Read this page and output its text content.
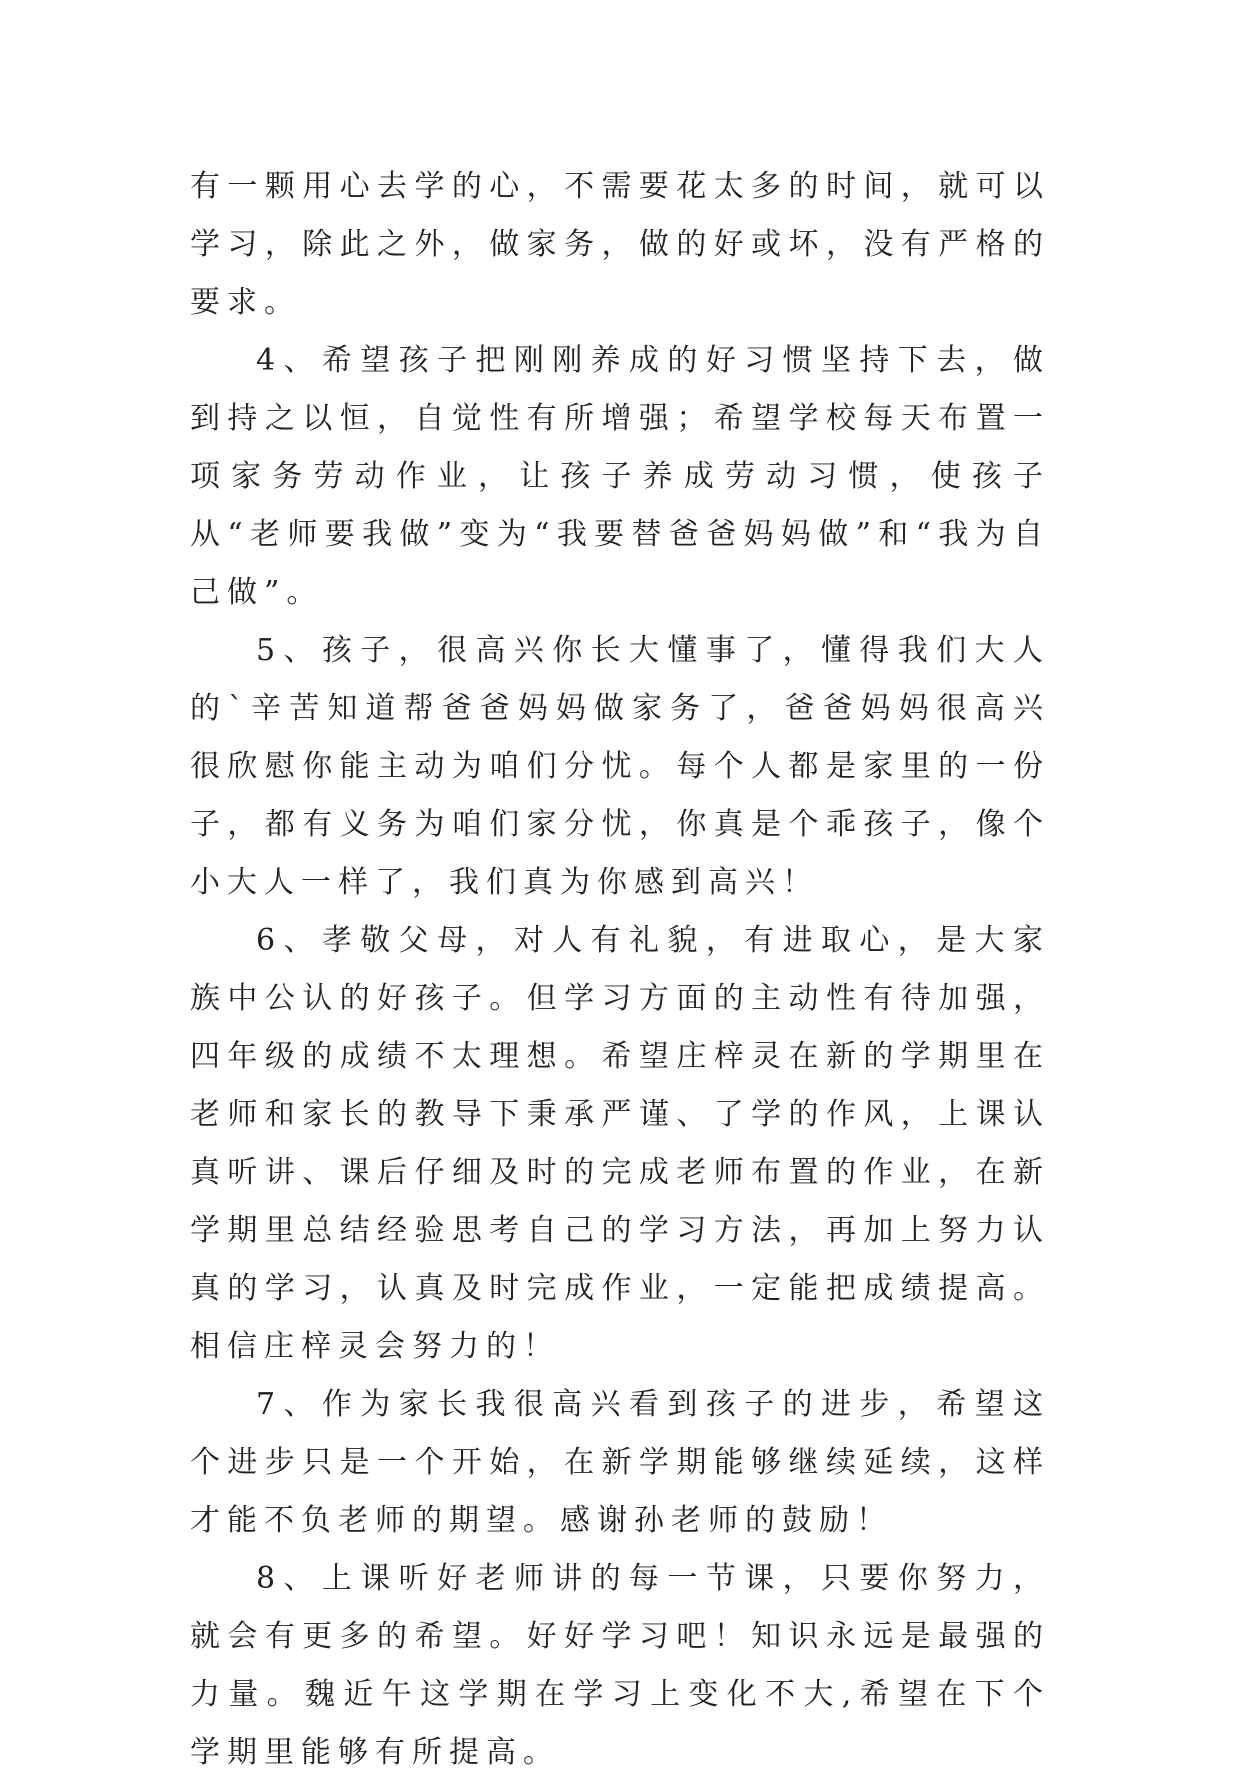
有一颗用心去学的心，不需要花太多的时间，就可以学习，除此之外，做家务，做的好或坏，没有严格的要求。

4、希望孩子把刚刚养成的好习惯坚持下去，做到持之以恒，自觉性有所增强；希望学校每天布置一项家务劳动作业，让孩子养成劳动习惯，使孩子从“老师要我做”变为“我要替爸爸妈妈做”和“我为自己做”。

5、孩子，很高兴你长大懂事了，懂得我们大人的`辛苦知道帮爸爸妈妈做家务了，爸爸妈妈很高兴很欣慰你能主动为咱们分忧。每个人都是家里的一份子，都有义务为咱们家分忧，你真是个乖孩子，像个小大人一样了，我们真为你感到高兴！

6、孝敬父母，对人有礼貌，有进取心，是大家族中公认的好孩子。但学习方面的主动性有待加强，四年级的成绩不太理想。希望庄梓灵在新的学期里在老师和家长的教导下秉承严谨、了学的作风，上课认真听讲、课后仔细及时的完成老师布置的作业，在新学期里总结经验思考自己的学习方法，再加上努力认真的学习，认真及时完成作业，一定能把成绩提高。相信庄梓灵会努力的！

7、作为家长我很高兴看到孩子的进步，希望这个进步只是一个开始，在新学期能够继续延续，这样才能不负老师的期望。感谢孙老师的鼓励！

8、上课听好老师讲的每一节课，只要你努力，就会有更多的希望。好好学习吧！知识永远是最强的力量。魏近午这学期在学习上变化不大,希望在下个学期里能够有所提高。
